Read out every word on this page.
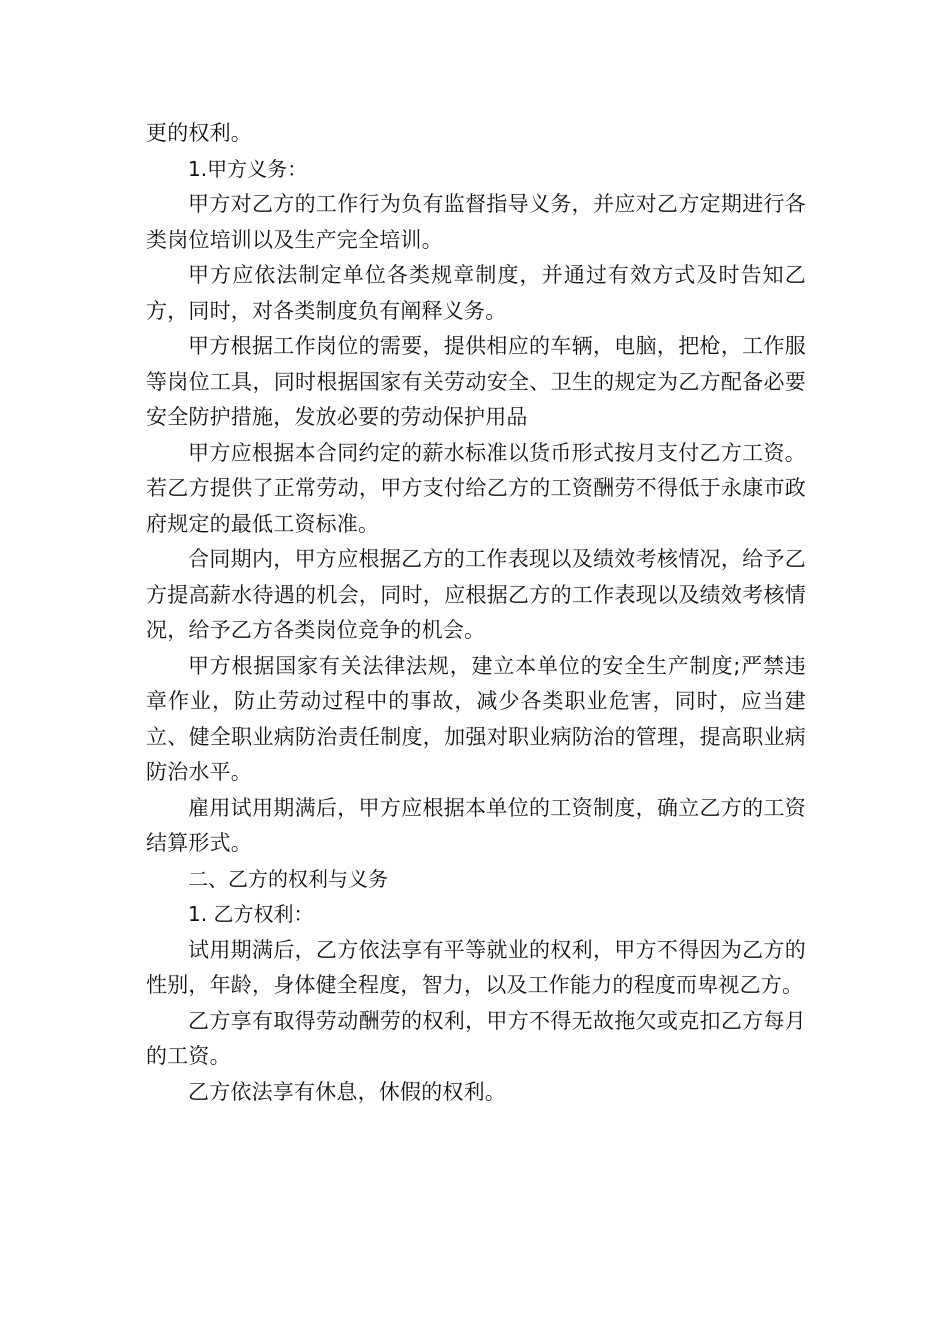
更的权利。

1.甲方义务：

甲方对乙方的工作行为负有监督指导义务，并应对乙方定期进行各类岗位培训以及生产完全培训。

甲方应依法制定单位各类规章制度，并通过有效方式及时告知乙方，同时，对各类制度负有阐释义务。

甲方根据工作岗位的需要，提供相应的车辆，电脑，把枪，工作服等岗位工具，同时根据国家有关劳动安全、卫生的规定为乙方配备必要安全防护措施，发放必要的劳动保护用品

甲方应根据本合同约定的薪水标准以货币形式按月支付乙方工资。若乙方提供了正常劳动，甲方支付给乙方的工资酬劳不得低于永康市政府规定的最低工资标准。

合同期内，甲方应根据乙方的工作表现以及绩效考核情况，给予乙方提高薪水待遇的机会，同时，应根据乙方的工作表现以及绩效考核情况，给予乙方各类岗位竞争的机会。

甲方根据国家有关法律法规，建立本单位的安全生产制度;严禁违章作业，防止劳动过程中的事故，减少各类职业危害，同时，应当建立、健全职业病防治责任制度，加强对职业病防治的管理，提高职业病防治水平。

雇用试用期满后，甲方应根据本单位的工资制度，确立乙方的工资结算形式。

二、乙方的权利与义务

1. 乙方权利：

试用期满后，乙方依法享有平等就业的权利，甲方不得因为乙方的性别，年龄，身体健全程度，智力，以及工作能力的程度而卑视乙方。

乙方享有取得劳动酬劳的权利，甲方不得无故拖欠或克扣乙方每月的工资。

乙方依法享有休息，休假的权利。
